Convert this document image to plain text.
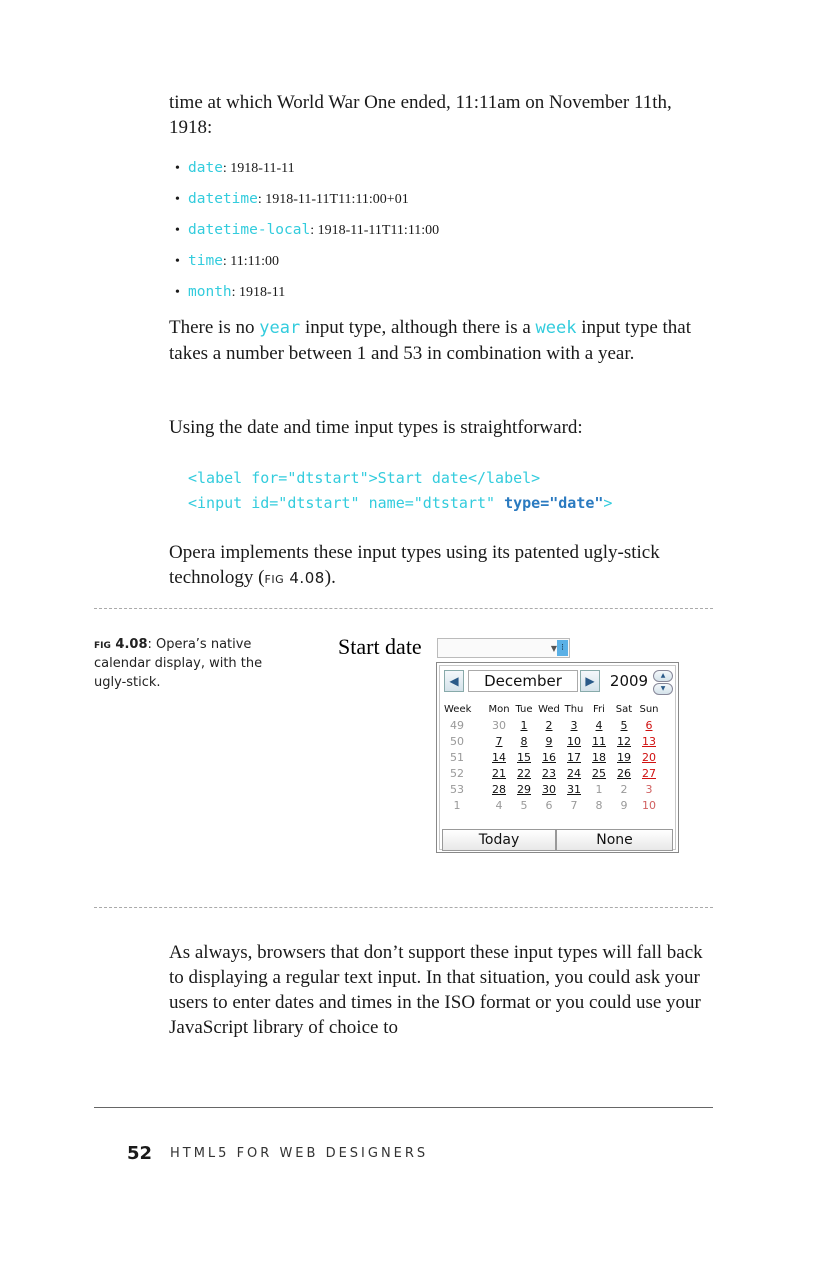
time at which World War One ended, 11:11am on November 11th, 1918:

• date: 1918-11-11
• datetime: 1918-11-11T11:11:00+01
• datetime-local: 1918-11-11T11:11:00
• time: 11:11:00
• month: 1918-11

There is no year input type, although there is a week input type that takes a number between 1 and 53 in combination with a year.

Using the date and time input types is straightforward:

<label for="dtstart">Start date</label>
<input id="dtstart" name="dtstart" type="date">

Opera implements these input types using its patented ugly-stick technology (fig 4.08).

fig 4.08: Opera’s native calendar display, with the ugly-stick.
Start date	▼ ⁝
◀	December	▶	2009	▲
▼
Week Mon Tue Wed Thu Fri	Sat Sun
49	30	1	2	3	4	5	6
50	7	8	9	10	11	12	13
51	14	15	16	17	18	19	20
52	21	22	23	24	25	26	27
53	28	29	30	31	1	2	3
1	4	5	6	7	8	9	10
Today	None

As always, browsers that don’t support these input types will fall back to displaying a regular text input. In that situation, you could ask your users to enter dates and times in the ISO format or you could use your JavaScript library of choice to

52 HTML5 FOR WEB DESIGNERS
